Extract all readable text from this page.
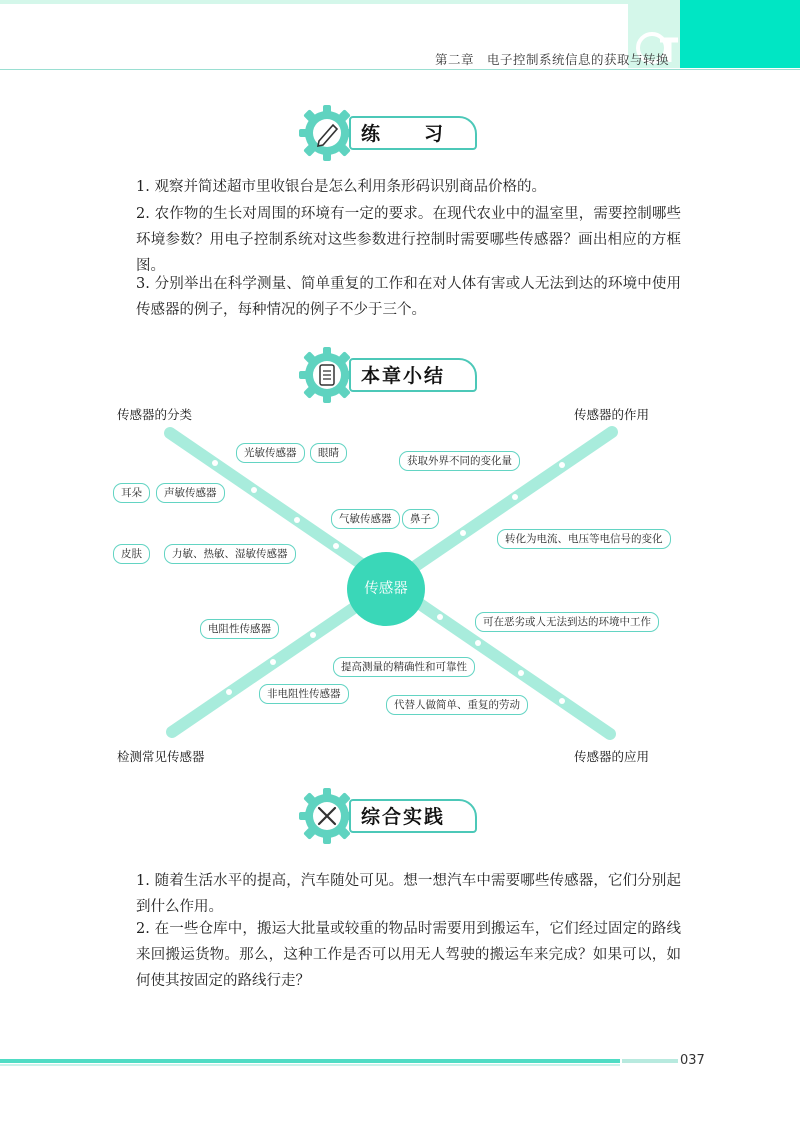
第二章　电子控制系统信息的获取与转换
练　　习
1. 观察并简述超市里收银台是怎么利用条形码识别商品价格的。
2. 农作物的生长对周围的环境有一定的要求。在现代农业中的温室里，需要控制哪些环境参数？用电子控制系统对这些参数进行控制时需要哪些传感器？画出相应的方框图。
3. 分别举出在科学测量、简单重复的工作和在对人体有害或人无法到达的环境中使用传感器的例子，每种情况的例子不少于三个。
本章小结
传感器的分类	传感器的作用
检测常见传感器	传感器的应用
光敏传感器	眼睛
耳朵	声敏传感器
气敏传感器	鼻子
皮肤	力敏、热敏、湿敏传感器
获取外界不同的变化量
转化为电流、电压等电信号的变化
可在恶劣或人无法到达的环境中工作
电阻性传感器
提高测量的精确性和可靠性
非电阻性传感器
代替人做简单、重复的劳动
传感器
综合实践
1. 随着生活水平的提高，汽车随处可见。想一想汽车中需要哪些传感器，它们分别起到什么作用。
2. 在一些仓库中，搬运大批量或较重的物品时需要用到搬运车，它们经过固定的路线来回搬运货物。那么，这种工作是否可以用无人驾驶的搬运车来完成？如果可以，如何使其按固定的路线行走？
037
